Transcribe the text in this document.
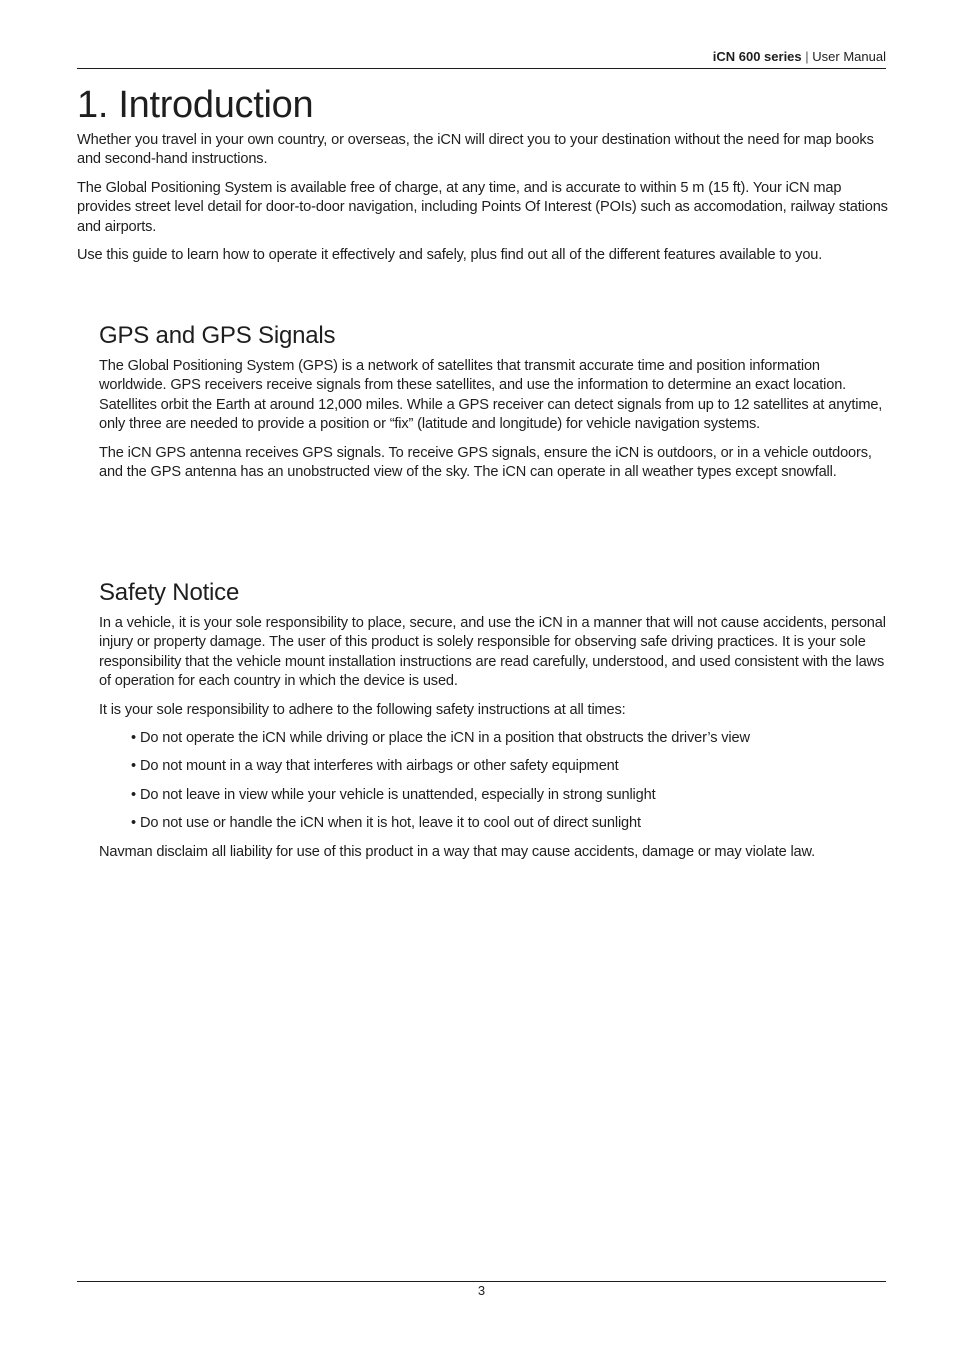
iCN 600 series | User Manual
1. Introduction

Whether you travel in your own country, or overseas, the iCN will direct you to your destination without the need for map books and second-hand instructions.

The Global Positioning System is available free of charge, at any time, and is accurate to within 5 m (15 ft). Your iCN map provides street level detail for door-to-door navigation, including Points Of Interest (POIs) such as accomodation, railway stations and airports.

Use this guide to learn how to operate it effectively and safely, plus find out all of the different features available to you.

GPS and GPS Signals

The Global Positioning System (GPS) is a network of satellites that transmit accurate time and position information worldwide. GPS receivers receive signals from these satellites, and use the information to determine an exact location. Satellites orbit the Earth at around 12,000 miles. While a GPS receiver can detect signals from up to 12 satellites at anytime, only three are needed to provide a position or “fix” (latitude and longitude) for vehicle navigation systems.

The iCN GPS antenna receives GPS signals. To receive GPS signals, ensure the iCN is outdoors, or in a vehicle outdoors, and the GPS antenna has an unobstructed view of the sky. The iCN can operate in all weather types except snowfall.

Safety Notice

In a vehicle, it is your sole responsibility to place, secure, and use the iCN in a manner that will not cause accidents, personal injury or property damage. The user of this product is solely responsible for observing safe driving practices. It is your sole responsibility that the vehicle mount installation instructions are read carefully, understood, and used consistent with the laws of operation for each country in which the device is used.

It is your sole responsibility to adhere to the following safety instructions at all times:

• Do not operate the iCN while driving or place the iCN in a position that obstructs the driver’s view
• Do not mount in a way that interferes with airbags or other safety equipment
• Do not leave in view while your vehicle is unattended, especially in strong sunlight
• Do not use or handle the iCN when it is hot, leave it to cool out of direct sunlight

Navman disclaim all liability for use of this product in a way that may cause accidents, damage or may violate law.

3
